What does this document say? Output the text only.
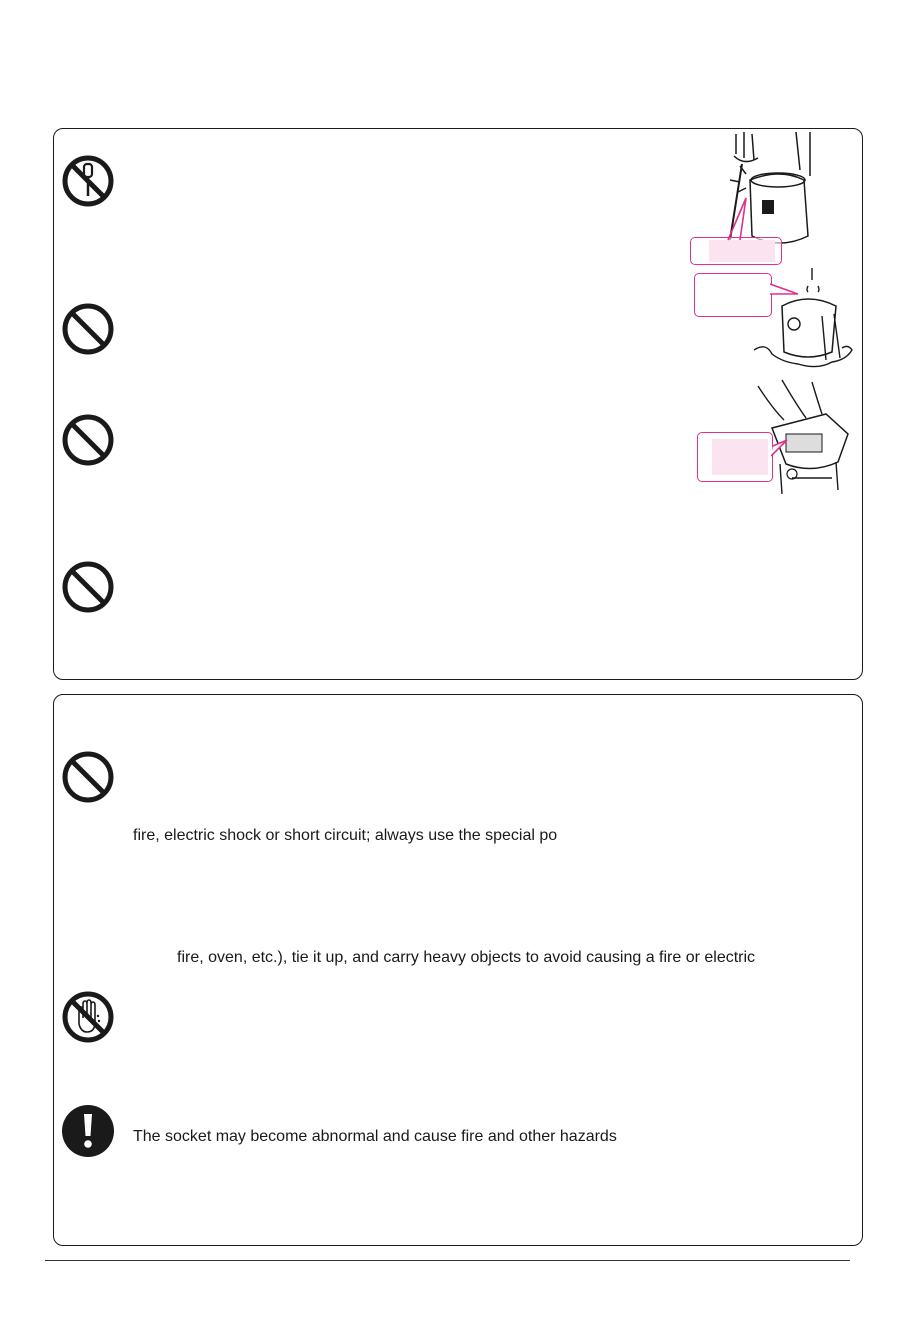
fire, electric shock or short circuit; always use the special po
fire, oven, etc.), tie it up, and carry heavy objects to avoid causing a fire or electric
The socket may become abnormal and cause fire and other hazards
